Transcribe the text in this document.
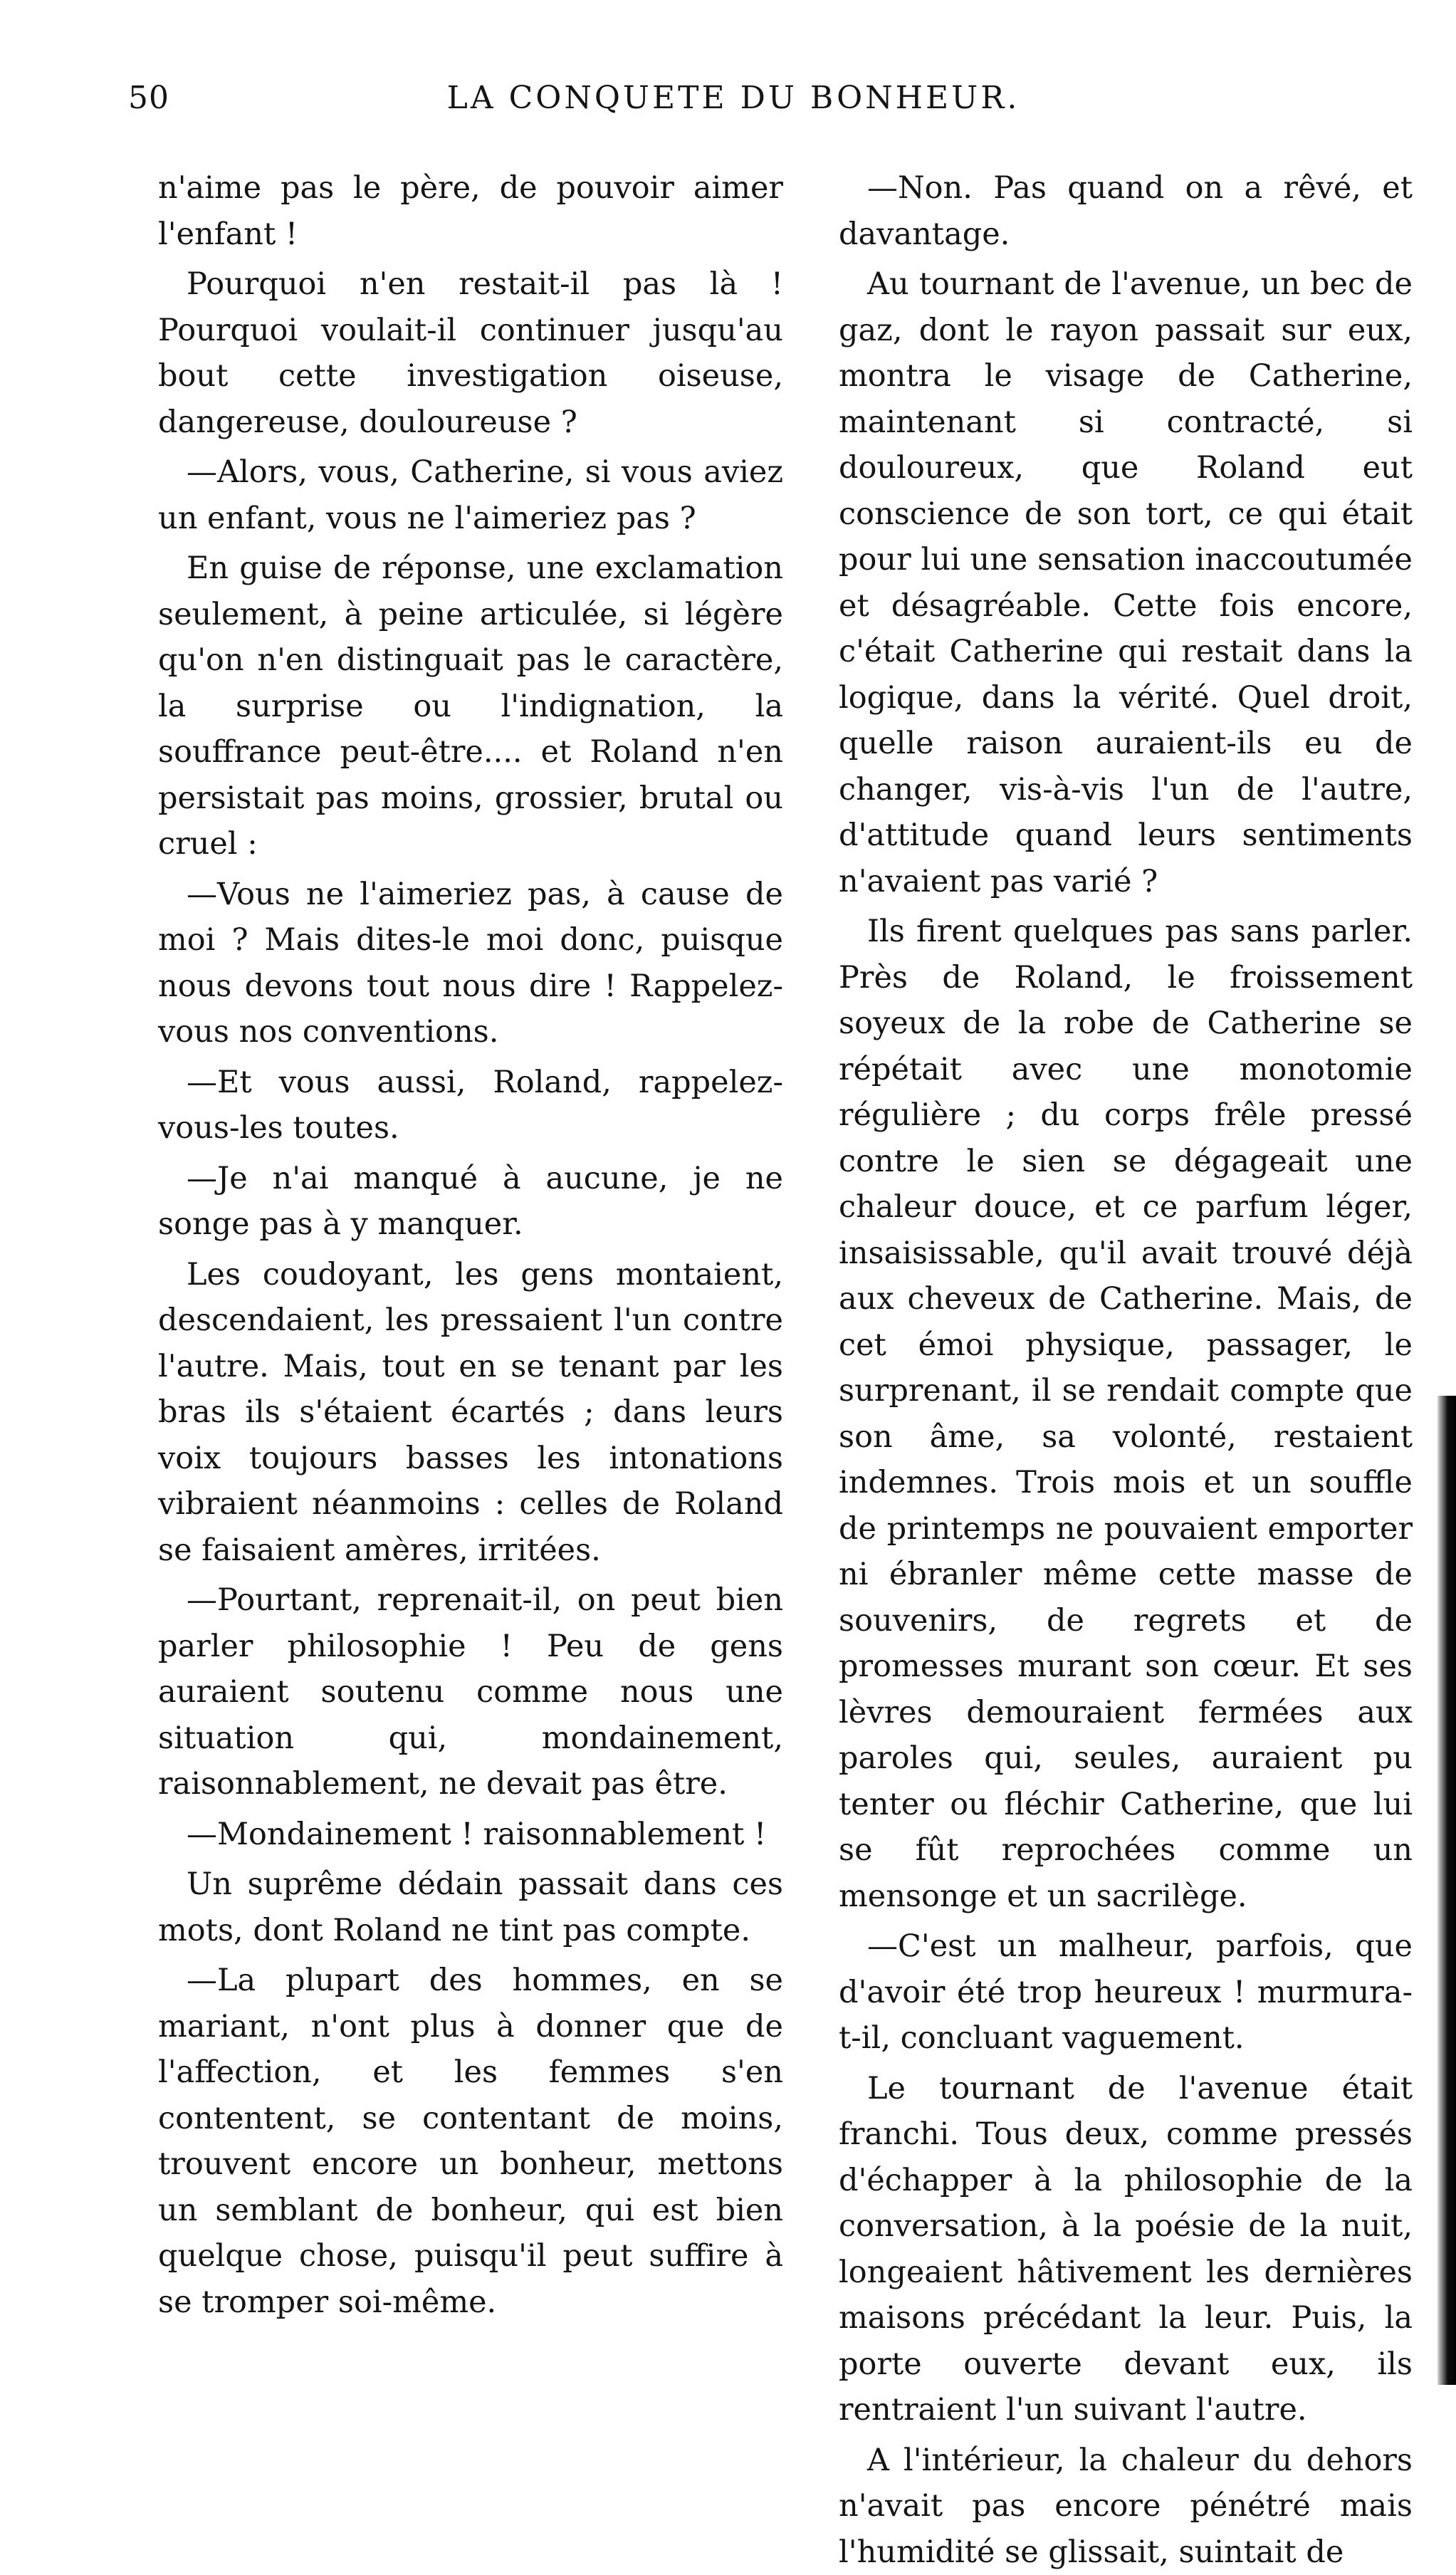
50	LA CONQUETE DU BONHEUR.

n'aime pas le père, de pouvoir aimer l'enfant !

Pourquoi n'en restait-il pas là ! Pourquoi voulait-il continuer jusqu'au bout cette investigation oiseuse, dangereuse, douloureuse ?

—Alors, vous, Catherine, si vous aviez un enfant, vous ne l'aimeriez pas ?

En guise de réponse, une exclamation seulement, à peine articulée, si légère qu'on n'en distinguait pas le caractère, la surprise ou l'indignation, la souffrance peut-être.... et Roland n'en persistait pas moins, grossier, brutal ou cruel :

—Vous ne l'aimeriez pas, à cause de moi ? Mais dites-le moi donc, puisque nous devons tout nous dire ! Rappelez-vous nos conventions.

—Et vous aussi, Roland, rappelez-vous-les toutes.

—Je n'ai manqué à aucune, je ne songe pas à y manquer.

Les coudoyant, les gens montaient, descendaient, les pressaient l'un contre l'autre. Mais, tout en se tenant par les bras ils s'étaient écartés ; dans leurs voix toujours basses les intonations vibraient néanmoins : celles de Roland se faisaient amères, irritées.

—Pourtant, reprenait-il, on peut bien parler philosophie ! Peu de gens auraient soutenu comme nous une situation qui, mondainement, raisonnablement, ne devait pas être.

—Mondainement ! raisonnablement !

Un suprême dédain passait dans ces mots, dont Roland ne tint pas compte.

—La plupart des hommes, en se mariant, n'ont plus à donner que de l'affection, et les femmes s'en contentent, se contentant de moins, trouvent encore un bonheur, mettons un semblant de bonheur, qui est bien quelque chose, puisqu'il peut suffire à se tromper soi-même.

—Non. Pas quand on a rêvé, et davantage.

Au tournant de l'avenue, un bec de gaz, dont le rayon passait sur eux, montra le visage de Catherine, maintenant si contracté, si douloureux, que Roland eut conscience de son tort, ce qui était pour lui une sensation inaccoutumée et désagréable. Cette fois encore, c'était Catherine qui restait dans la logique, dans la vérité. Quel droit, quelle raison auraient-ils eu de changer, vis-à-vis l'un de l'autre, d'attitude quand leurs sentiments n'avaient pas varié ?

Ils firent quelques pas sans parler. Près de Roland, le froissement soyeux de la robe de Catherine se répétait avec une monotomie régulière ; du corps frêle pressé contre le sien se dégageait une chaleur douce, et ce parfum léger, insaisissable, qu'il avait trouvé déjà aux cheveux de Catherine. Mais, de cet émoi physique, passager, le surprenant, il se rendait compte que son âme, sa volonté, restaient indemnes. Trois mois et un souffle de printemps ne pouvaient emporter ni ébranler même cette masse de souvenirs, de regrets et de promesses murant son cœur. Et ses lèvres demouraient fermées aux paroles qui, seules, auraient pu tenter ou fléchir Catherine, que lui se fût reprochées comme un mensonge et un sacrilège.

—C'est un malheur, parfois, que d'avoir été trop heureux ! murmura-t-il, concluant vaguement.

Le tournant de l'avenue était franchi. Tous deux, comme pressés d'échapper à la philosophie de la conversation, à la poésie de la nuit, longeaient hâtivement les dernières maisons précédant la leur. Puis, la porte ouverte devant eux, ils rentraient l'un suivant l'autre.

A l'intérieur, la chaleur du dehors n'avait pas encore pénétré mais l'humidité se glissait, suintait de
